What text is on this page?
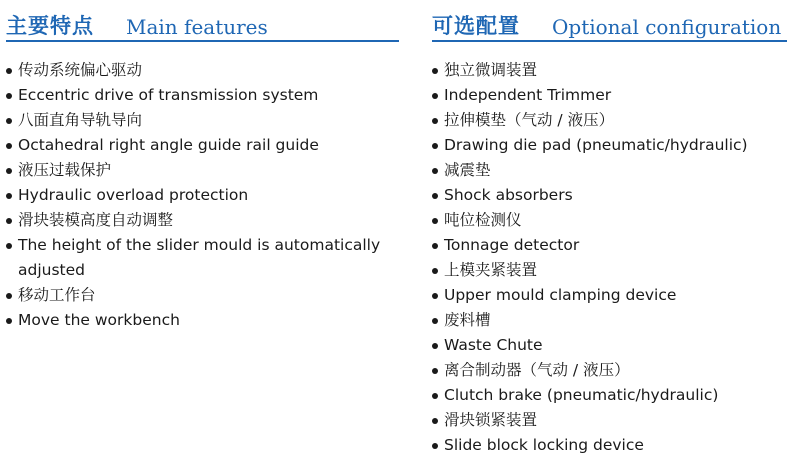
主要特点 Main features
传动系统偏心驱动
Eccentric drive of transmission system
八面直角导轨导向
Octahedral right angle guide rail guide
液压过载保护
Hydraulic overload protection
滑块装模高度自动调整
The height of the slider mould is automatically
adjusted
移动工作台
Move the workbench
可选配置 Optional configuration
独立微调装置
Independent Trimmer
拉伸模垫（气动 / 液压）
Drawing die pad (pneumatic/hydraulic)
减震垫
Shock absorbers
吨位检测仪
Tonnage detector
上模夹紧装置
Upper mould clamping device
废料槽
Waste Chute
离合制动器（气动 / 液压）
Clutch brake (pneumatic/hydraulic)
滑块锁紧装置
Slide block locking device
